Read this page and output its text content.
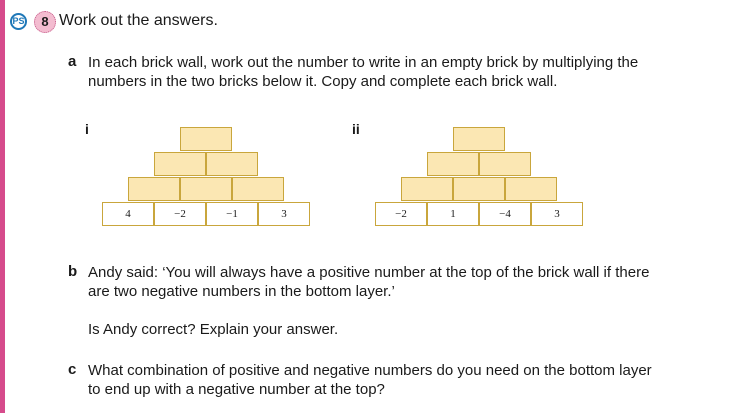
PS	8 Work out the answers.
a In each brick wall, work out the number to write in an empty brick by multiplying the
numbers in the two bricks below it. Copy and complete each brick wall.
i	ii
4	−2	−1	3	−2	1	−4	3
b Andy said: ‘You will always have a positive number at the top of the brick wall if there
are two negative numbers in the bottom layer.’
Is Andy correct? Explain your answer.
c What combination of positive and negative numbers do you need on the bottom layer
to end up with a negative number at the top?
